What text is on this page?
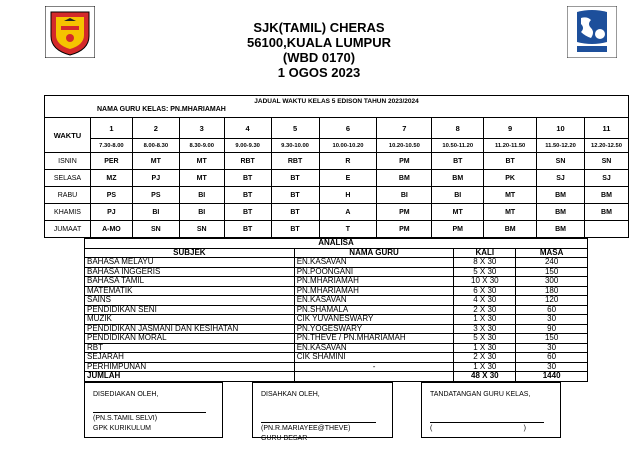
SJK(TAMIL) CHERAS
56100,KUALA LUMPUR
(WBD 0170)
1 OGOS 2023
JADUAL WAKTU KELAS 5 EDISON TAHUN 2023/2024
NAMA GURU KELAS: PN.MHARIAMAH											

WAKTU	1	2	3	4	5	6	7	8	9	10	11
	7.30-8.00	8.00-8.30	8.30-9.00	9.00-9.30	9.30-10.00	10.00-10.20	10.20-10.50	10.50-11.20	11.20-11.50	11.50-12.20	12.20-12.50
ISNIN	PER	MT	MT	RBT	RBT	R	PM	BT	BT	SN	SN
SELASA	MZ	PJ	MT	BT	BT	E	BM	BM	PK	SJ	SJ
RABU	PS	PS	BI	BT	BT	H	BI	BI	MT	BM	BM
KHAMIS	PJ	BI	BI	BT	BT	A	PM	MT	MT	BM	BM
JUMAAT	A-MO	SN	SN	BT	BT	T	PM	PM	BM	BM	
ANALISA			
SUBJEK	NAMA GURU	KALI	MASA
BAHASA MELAYU	EN.KASAVAN	8 X 30	240
BAHASA INGGERIS	PN.POONGANI	5 X 30	150
BAHASA TAMIL	PN.MHARIAMAH	10 X 30	300
MATEMATIK	PN.MHARIAMAH	6 X 30	180
SAINS	EN.KASAVAN	4 X 30	120
PENDIDIKAN SENI	PN.SHAMALA	2 X 30	60
MUZIK	CIK YUVANESWARY	1 X 30	30
PENDIDIKAN JASMANI DAN KESIHATAN	PN.YOGESWARY	3 X 30	90
PENDIDIKAN MORAL	PN.THEVE / PN.MHARIAMAH	5 X 30	150
RBT	EN.KASAVAN	1 X 30	30
SEJARAH	CIK SHAMINI	2 X 30	60
PERHIMPUNAN	-	1 X 30	30
JUMLAH		48 X 30	1440
DISEDIAKAN OLEH,
(PN.S.TAMIL SELVI)
GPK KURIKULUM
DISAHKAN OLEH,
(PN.R.MARIAYEE@THEVE)
GURU BESAR
TANDATANGAN GURU KELAS,
(	)
